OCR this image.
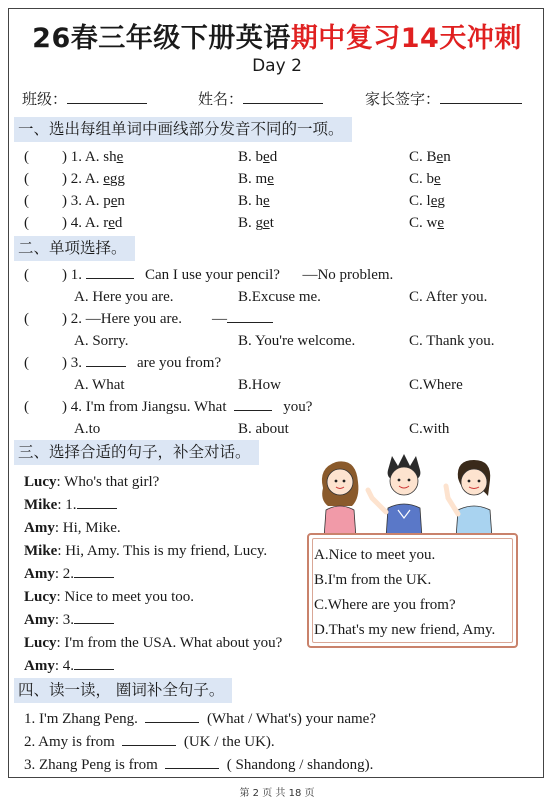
26春三年级下册英语期中复习14天冲刺
Day 2
班级：	姓名：	家长签字：
一、选出每组单词中画线部分发音不同的一项。
( ) 1. A. she	B. bed	C. Ben
( ) 2. A. egg	B. me	C. be
( ) 3. A. pen	B. he	C. leg
( ) 4. A. red	B. get	C. we
二、单项选择。
( ) 1.	Can I use your pencil? —No problem.
A. Here you are.	B.Excuse me.	C. After you.
( ) 2. —Here you are. —
A. Sorry.	B. You're welcome.	C. Thank you.
( ) 3.	are you from?
A. What	B.How	C.Where
( ) 4. I'm from Jiangsu. What	you?
A.to	B. about	C.with
三、选择合适的句子，补全对话。
Lucy: Who's that girl?
Mike: 1.
Amy: Hi, Mike.
Mike: Hi, Amy. This is my friend, Lucy.
Amy: 2.
Lucy: Nice to meet you too.
Amy: 3.
Lucy: I'm from the USA. What about you?
Amy: 4.
A.Nice to meet you.
B.I'm from the UK.
C.Where are you from?
D.That's my new friend, Amy.
四、读一读， 圈词补全句子。
1. I'm Zhang Peng.	(What / What's) your name?
2. Amy is from	(UK / the UK).
3. Zhang Peng is from	( Shandong / shandong).
第 2 页 共 18 页
